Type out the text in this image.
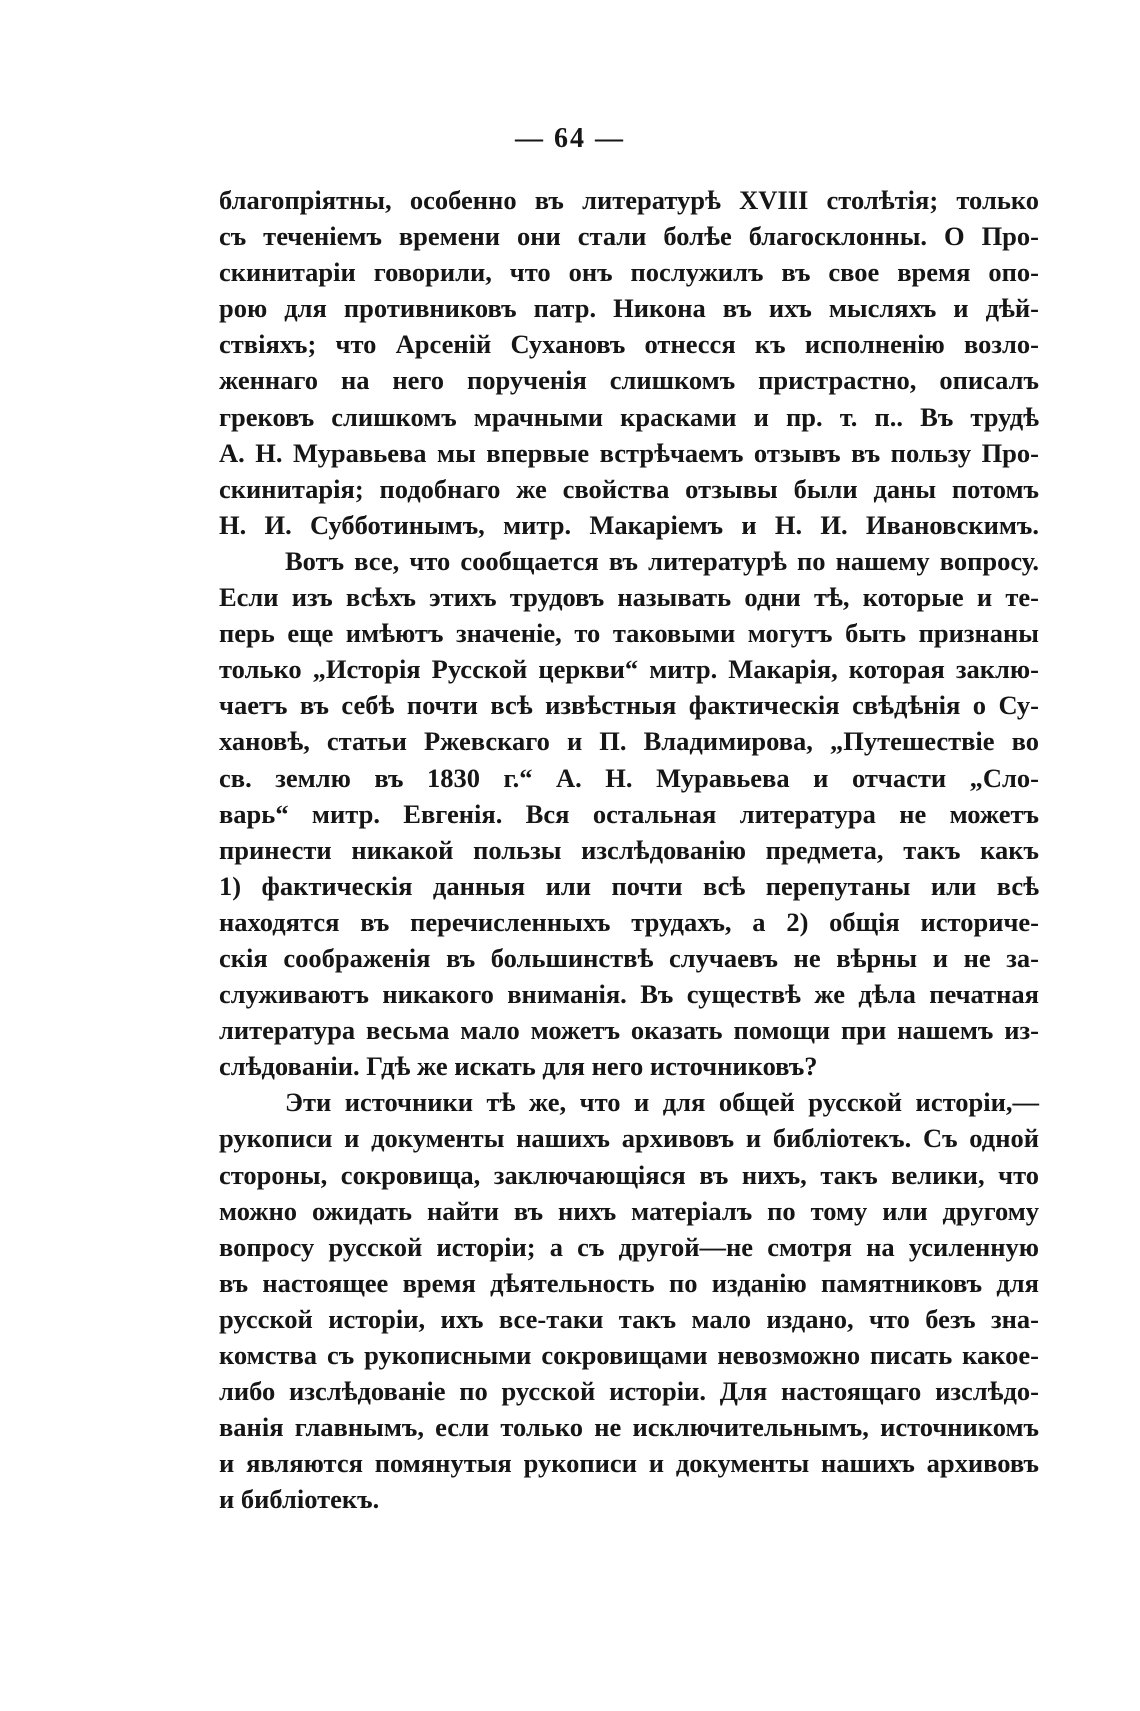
— 64 —
благопріятны, особенно въ литературѣ XVIII столѣтія; только
съ теченіемъ времени они стали болѣе благосклонны. О Про-
скинитаріи говорили, что онъ послужилъ въ свое время опо-
рою для противниковъ патр. Никона въ ихъ мысляхъ и дѣй-
ствіяхъ; что Арсеній Сухановъ отнесся къ исполненію возло-
женнаго на него порученія слишкомъ пристрастно, описалъ
грековъ слишкомъ мрачными красками и пр. т. п.. Въ трудѣ
А. Н. Муравьева мы впервые встрѣчаемъ отзывъ въ пользу Про-
скинитарія; подобнаго же свойства отзывы были даны потомъ
Н. И. Субботинымъ, митр. Макаріемъ и Н. И. Ивановскимъ.
Вотъ все, что сообщается въ литературѣ по нашему вопросу.
Если изъ всѣхъ этихъ трудовъ называть одни тѣ, которые и те-
перь еще имѣютъ значеніе, то таковыми могутъ быть признаны
только „Исторія Русской церкви“ митр. Макарія, которая заклю-
чаетъ въ себѣ почти всѣ извѣстныя фактическія свѣдѣнія о Су-
хановѣ, статьи Ржевскаго и П. Владимирова, „Путешествіе во
св. землю въ 1830 г.“ А. Н. Муравьева и отчасти „Сло-
варь“ митр. Евгенія. Вся остальная литература не можетъ
принести никакой пользы изслѣдованію предмета, такъ какъ
1) фактическія данныя или почти всѣ перепутаны или всѣ
находятся въ перечисленныхъ трудахъ, а 2) общія историче-
скія соображенія въ большинствѣ случаевъ не вѣрны и не за-
служиваютъ никакого вниманія. Въ существѣ же дѣла печатная
литература весьма мало можетъ оказать помощи при нашемъ из-
слѣдованіи. Гдѣ же искать для него источниковъ?
Эти источники тѣ же, что и для общей русской исторіи,—
рукописи и документы нашихъ архивовъ и библіотекъ. Съ одной
стороны, сокровища, заключающіяся въ нихъ, такъ велики, что
можно ожидать найти въ нихъ матеріалъ по тому или другому
вопросу русской исторіи; а съ другой—не смотря на усиленную
въ настоящее время дѣятельность по изданію памятниковъ для
русской исторіи, ихъ все-таки такъ мало издано, что безъ зна-
комства съ рукописными сокровищами невозможно писать какое-
либо изслѣдованіе по русской исторіи. Для настоящаго изслѣдо-
ванія главнымъ, если только не исключительнымъ, источникомъ
и являются помянутыя рукописи и документы нашихъ архивовъ
и библіотекъ.
